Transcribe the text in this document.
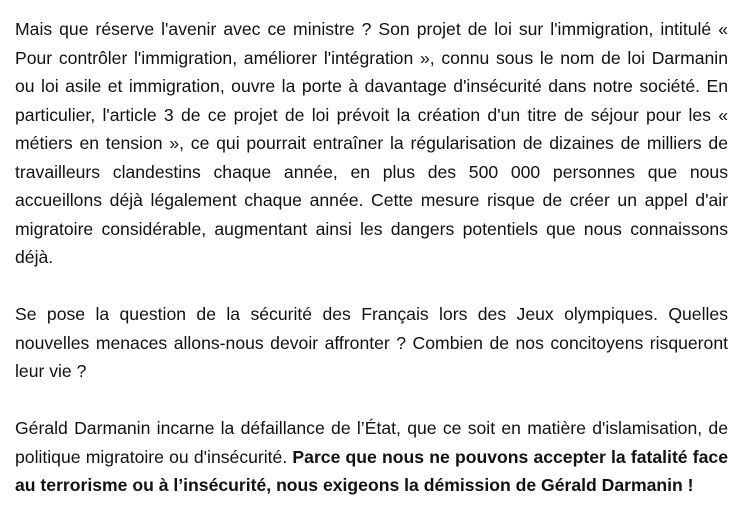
Mais que réserve l'avenir avec ce ministre ? Son projet de loi sur l'immigration, intitulé « Pour contrôler l'immigration, améliorer l'intégration », connu sous le nom de loi Darmanin ou loi asile et immigration, ouvre la porte à davantage d'insécurité dans notre société. En particulier, l'article 3 de ce projet de loi prévoit la création d'un titre de séjour pour les « métiers en tension », ce qui pourrait entraîner la régularisation de dizaines de milliers de travailleurs clandestins chaque année, en plus des 500 000 personnes que nous accueillons déjà légalement chaque année. Cette mesure risque de créer un appel d'air migratoire considérable, augmentant ainsi les dangers potentiels que nous connaissons déjà.

Se pose la question de la sécurité des Français lors des Jeux olympiques. Quelles nouvelles menaces allons-nous devoir affronter ? Combien de nos concitoyens risqueront leur vie ?

Gérald Darmanin incarne la défaillance de l’État, que ce soit en matière d'islamisation, de politique migratoire ou d'insécurité. Parce que nous ne pouvons accepter la fatalité face au terrorisme ou à l’insécurité, nous exigeons la démission de Gérald Darmanin !
